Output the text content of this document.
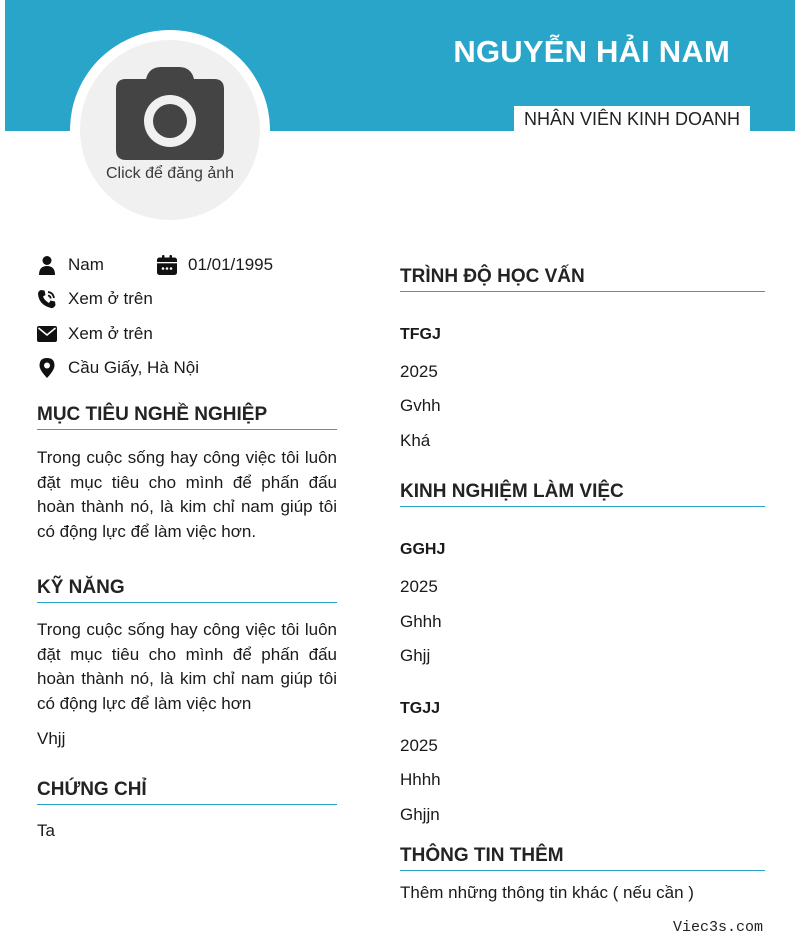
NGUYỄN HẢI NAM
NHÂN VIÊN KINH DOANH
Click để đăng ảnh
Nam	01/01/1995
Xem ở trên
Xem ở trên
Cầu Giấy, Hà Nội
MỤC TIÊU NGHỀ NGHIỆP
Trong cuộc sống hay công việc tôi luôn đặt mục tiêu cho mình để phấn đấu hoàn thành nó, là kim chỉ nam giúp tôi có động lực để làm việc hơn.
KỸ NĂNG
Trong cuộc sống hay công việc tôi luôn đặt mục tiêu cho mình để phấn đấu hoàn thành nó, là kim chỉ nam giúp tôi có động lực để làm việc hơn
Vhjj
CHỨNG CHỈ
Ta
TRÌNH ĐỘ HỌC VẤN
TFGJ
2025
Gvhh
Khá
KINH NGHIỆM LÀM VIỆC
GGHJ
2025
Ghhh
Ghjj
TGJJ
2025
Hhhh
Ghjjn
THÔNG TIN THÊM
Thêm những thông tin khác ( nếu cần )
Viec3s.com
